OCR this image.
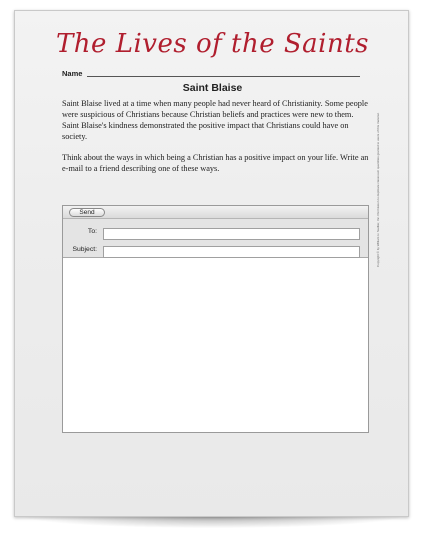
The Lives of the Saints
Name
Saint Blaise

Saint Blaise lived at a time when many people had never heard of Christianity. Some people were suspicious of Christians because Christian beliefs and practices were new to them. Saint Blaise's kindness demonstrated the positive impact that Christians could have on society.

Think about the ways in which being a Christian has a positive impact on your life. Write an e-mail to a friend describing one of these ways.

Send
To:
Subject:	Copyright © by William H. Sadlier, Inc. Permission to duplicate classroom quantities granted to users of this material.
